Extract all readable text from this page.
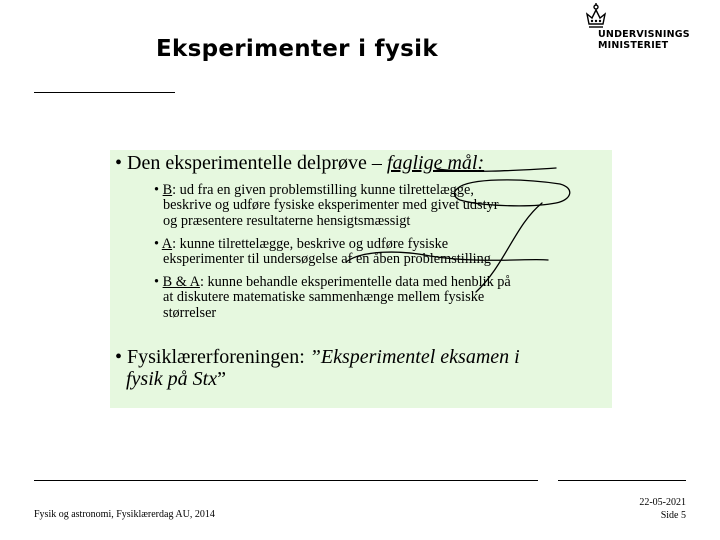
Eksperimenter i fysik
UNDERVISNINGS
MINISTERIET
• Den eksperimentelle delprøve – faglige mål:
• B: ud fra en given problemstilling kunne tilrettelægge,
beskrive og udføre fysiske eksperimenter med givet udstyr
og præsentere resultaterne hensigtsmæssigt
• A: kunne tilrettelægge, beskrive og udføre fysiske
eksperimenter til undersøgelse af en åben problemstilling
• B & A: kunne behandle eksperimentelle data med henblik på
at diskutere matematiske sammenhænge mellem fysiske
størrelser
• Fysiklærerforeningen: ”Eksperimentel eksamen i
fysik på Stx”
Fysik og astronomi, Fysiklærerdag AU, 2014
22-05-2021
Side 5
